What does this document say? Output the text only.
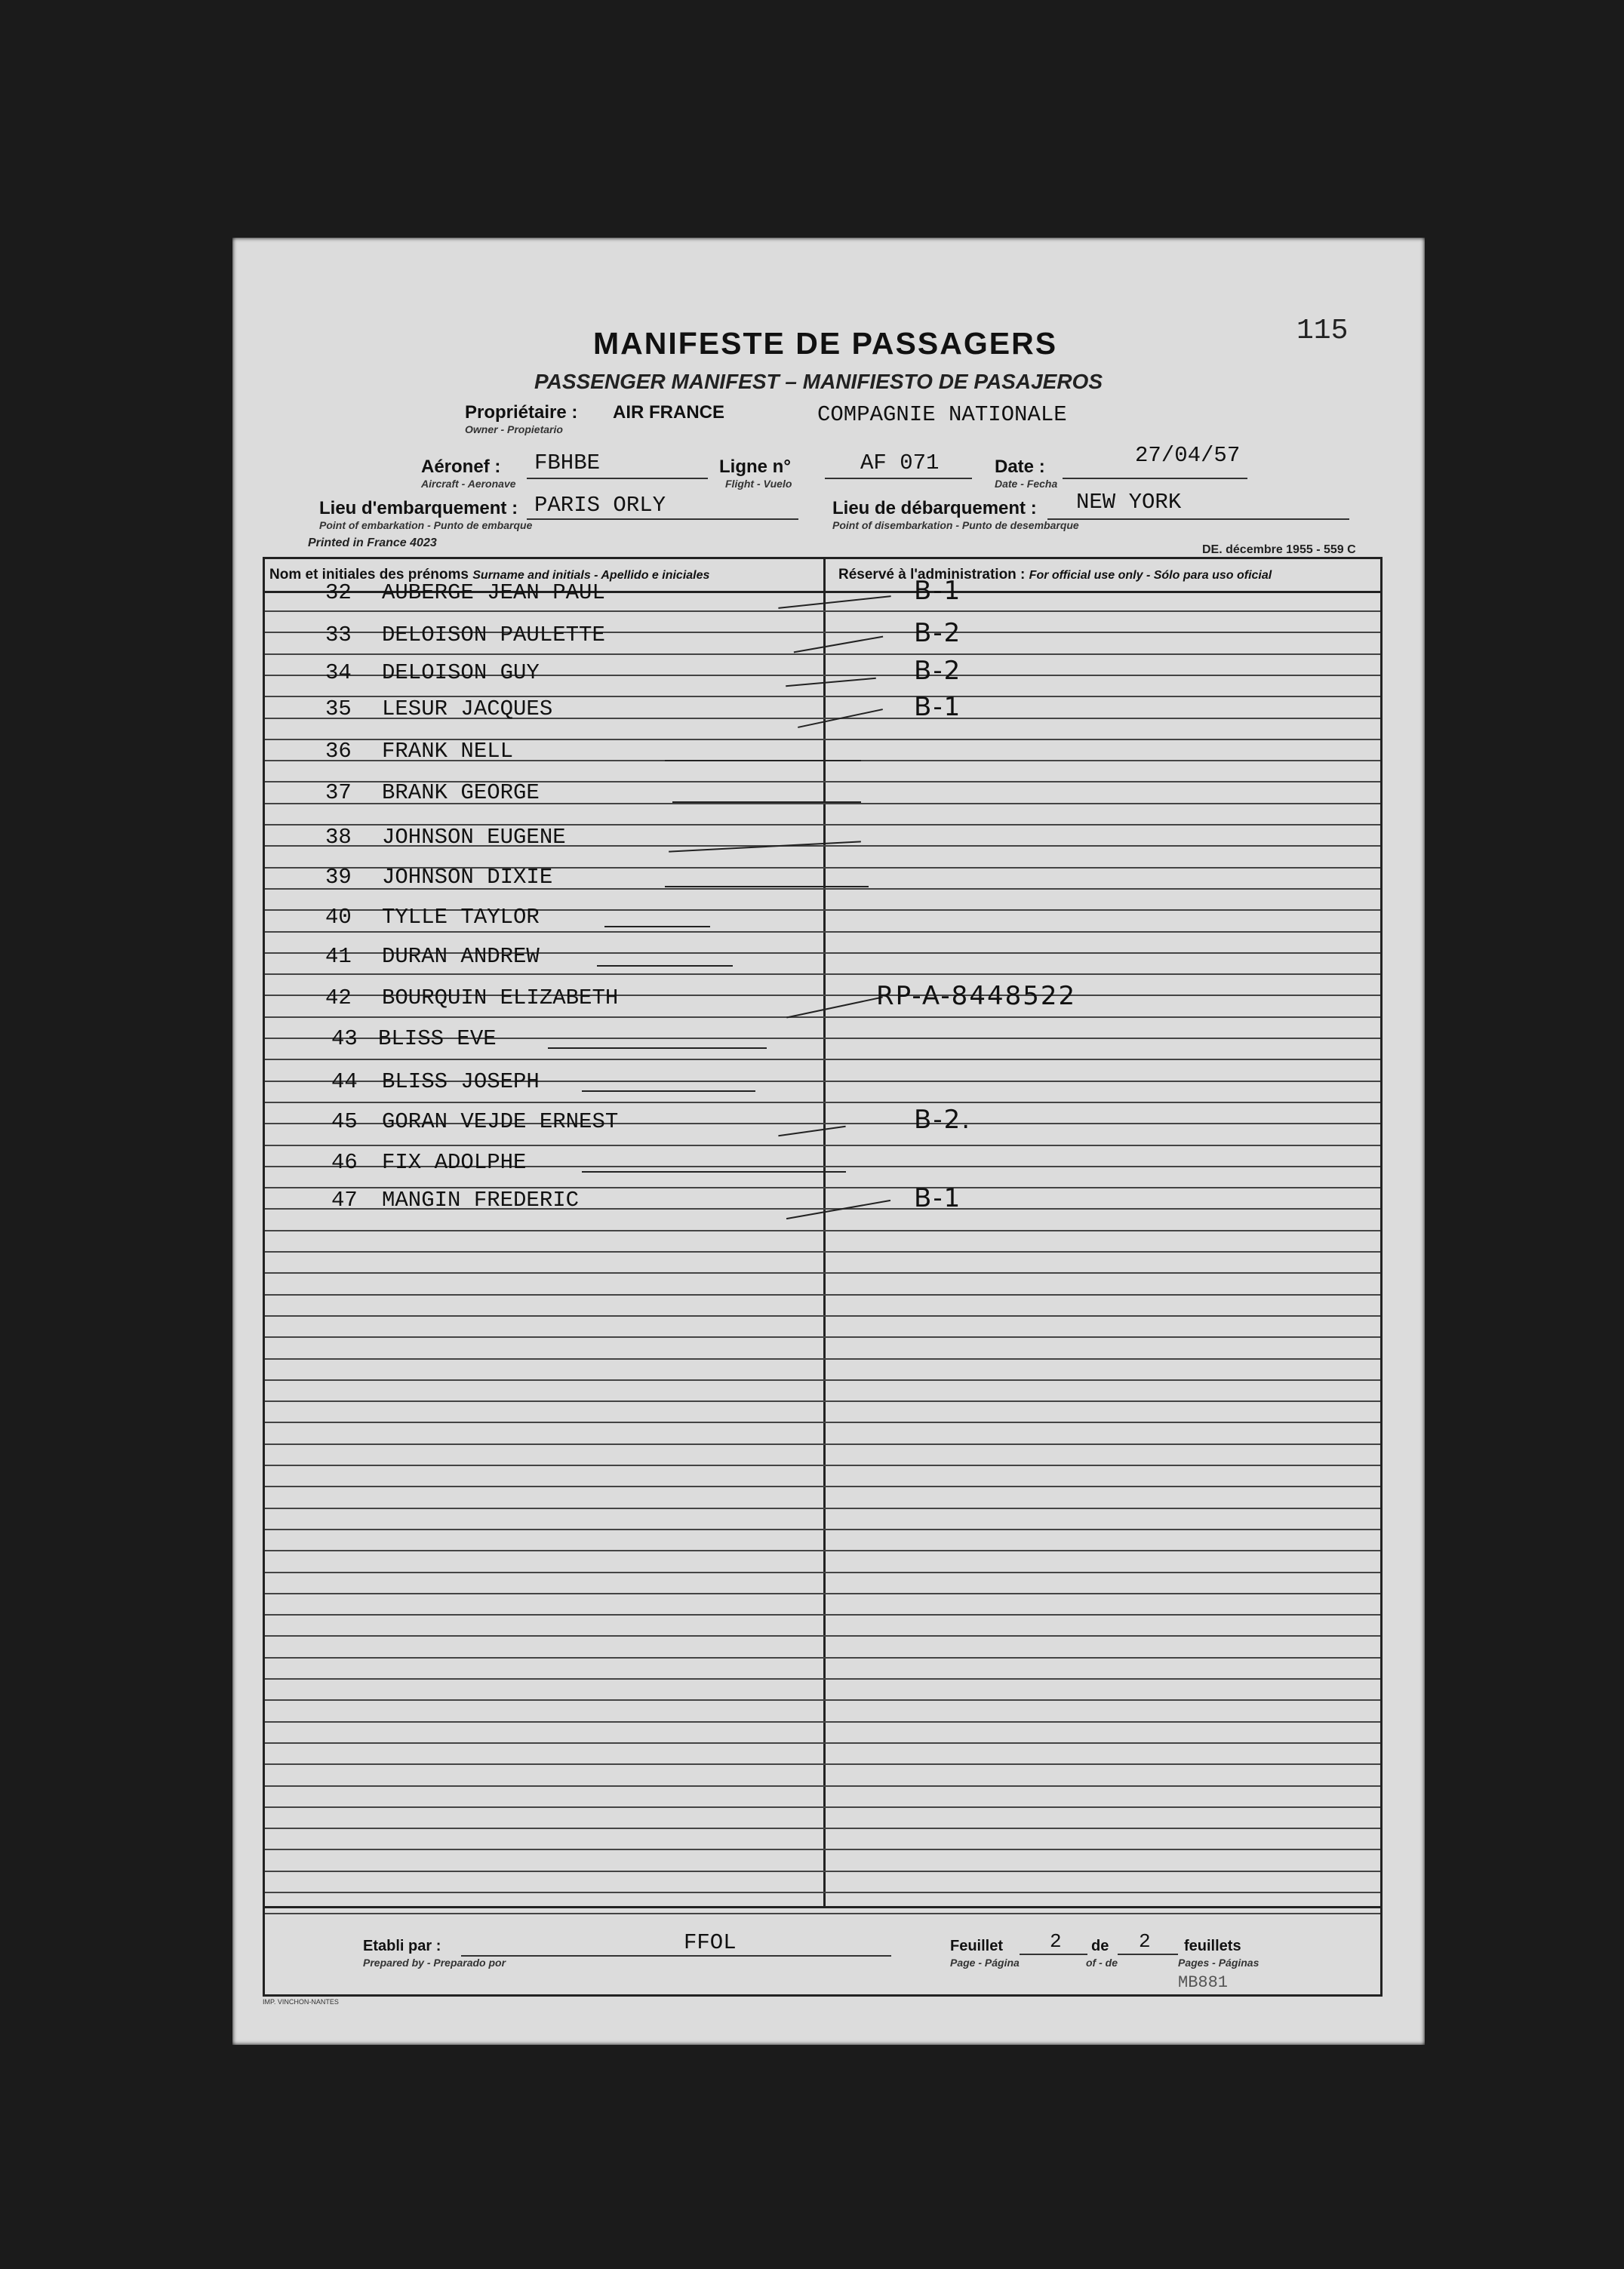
MANIFESTE DE PASSAGERS
PASSENGER MANIFEST – MANIFIESTO DE PASAJEROS
115
Propriétaire : AIR FRANCE
Owner - Propietario
COMPAGNIE NATIONALE
Aéronef :
Aircraft - Aeronave
FBHBE	Ligne n°
Flight - Vuelo
AF 071	Date :
Date - Fecha
27/04/57
Lieu d'embarquement :
Point of embarkation - Punto de embarque
PARIS ORLY	Lieu de débarquement :
Point of disembarkation - Punto de desembarque
NEW YORK
Printed in France 4023
DE. décembre 1955 - 559 C
Nom et initiales des prénoms Surname and initials - Apellido e iniciales	Réservé à l'administration : For official use only - Sólo para uso oficial
32 AUBERGE JEAN PAUL	B-1
33 DELOISON PAULETTE	B-2
34 DELOISON GUY	B-2
35 LESUR JACQUES	B-1
36 FRANK NELL
37 BRANK GEORGE
38 JOHNSON EUGENE
39 JOHNSON DIXIE
40 TYLLE TAYLOR
41 DURAN ANDREW
42 BOURQUIN ELIZABETH	RP-A-8448522
43 BLISS EVE
44 BLISS JOSEPH
45 GORAN VEJDE ERNEST	B-2.
46 FIX ADOLPHE
47 MANGIN FREDERIC	B-1
Etabli par :
Prepared by - Preparado por
FFOL	Feuillet
Page - Página
2 de
of - de
2 feuillets
Pages - Páginas
MB881
IMP. VINCHON-NANTES
